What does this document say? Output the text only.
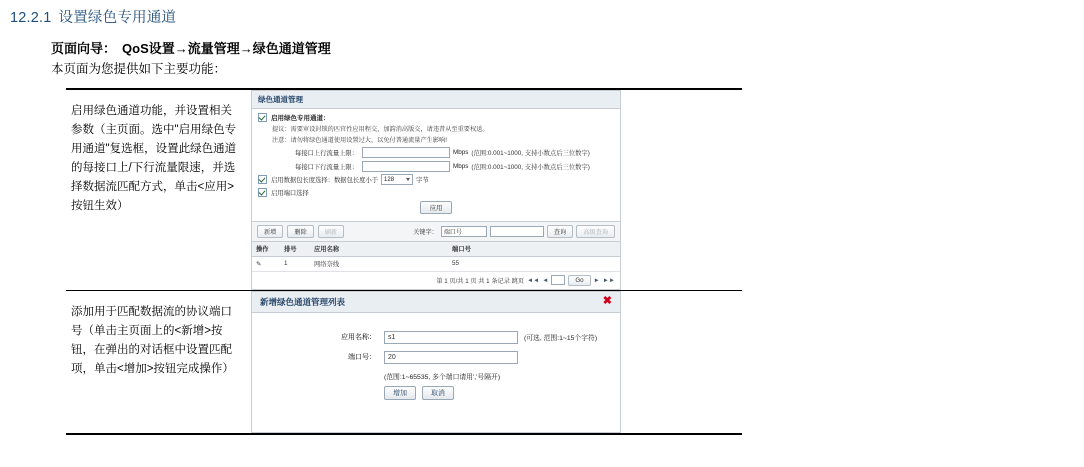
12.2.1 设置绿色专用通道
页面向导： QoS设置→流量管理→绿色通道管理
本页面为您提供如下主要功能：
启用绿色通道功能，并设置相关参数（主页面。选中"启用绿色专用通道"复选框，设置此绿色通道的每接口上/下行流量限速，并选择数据流匹配方式，单击<应用>按钮生效）
绿色通道管理
启用绿色专用通道：
提议：需要审设封锁的匹官性应用程交，加韵消高版交，请违昔从至重要权送。
注意：请勿将绿色通道使用设置过大，以免付普通流量产生影响!
每接口上行流量上限：	Mbps (范围:0.001~1000, 支持小数点后三位数字)
每接口下行流量上限：	Mbps (范围:0.001~1000, 支持小数点后三位数字)
启用数据包长度选择：数据包长度小于 128	字节
启用端口选择
应用
新增	删除	刷新	关键字： 端口号	查询	高级查询
操作	排号	应用名称	端口号
✎	1	网络奈线	55
第 1 页/共 1 页 共 1 条记录 跳页 ◄◄ ◄	Go	► ►►
添加用于匹配数据流的协议端口号（单击主页面上的<新增>按钮，在弹出的对话框中设置匹配项，单击<增加>按钮完成操作）
新增绿色通道管理列表	✖
应用名称：	s1	(可选, 范围:1~15个字符)
端口号：	20
(范围:1~65535, 多个端口请用','号隔开)
增加	取消
